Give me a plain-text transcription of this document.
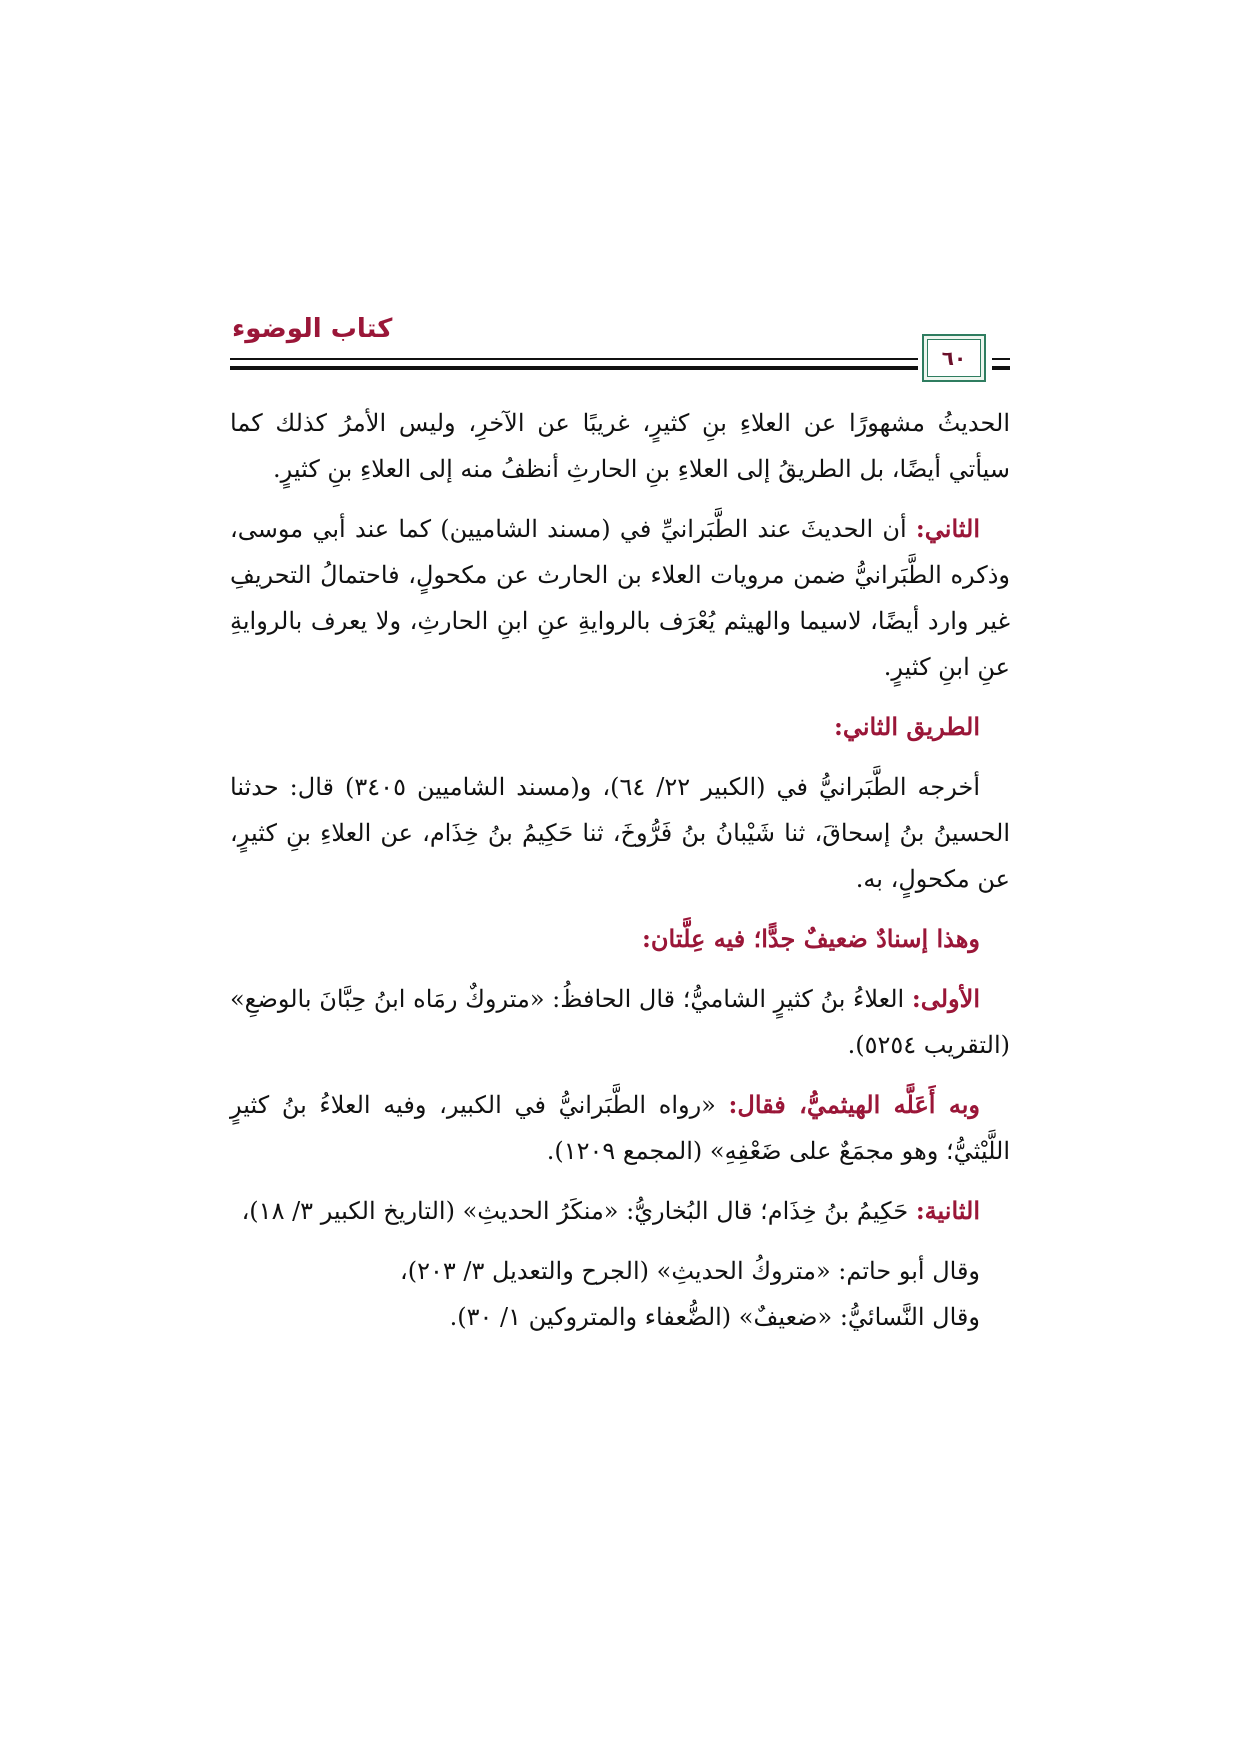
كتاب الوضوء
٦٠

الحديثُ مشهورًا عن العلاءِ بنِ كثيرٍ، غريبًا عن الآخرِ، وليس الأمرُ كذلك كما سيأتي أيضًا، بل الطريقُ إلى العلاءِ بنِ الحارثِ أنظفُ منه إلى العلاءِ بنِ كثيرٍ.

الثاني: أن الحديثَ عند الطَّبَرانيِّ في (مسند الشاميين) كما عند أبي موسى، وذكره الطَّبَرانيُّ ضمن مرويات العلاء بن الحارث عن مكحولٍ، فاحتمالُ التحريفِ غير وارد أيضًا، لاسيما والهيثم يُعْرَف بالروايةِ عنِ ابنِ الحارثِ، ولا يعرف بالروايةِ عنِ ابنِ كثيرٍ.

الطريق الثاني:

أخرجه الطَّبَرانيُّ في (الكبير ٢٢/ ٦٤)، و(مسند الشاميين ٣٤٠٥) قال: حدثنا الحسينُ بنُ إسحاقَ، ثنا شَيْبانُ بنُ فَرُّوخَ، ثنا حَكِيمُ بنُ خِذَام، عن العلاءِ بنِ كثيرٍ، عن مكحولٍ، به.

وهذا إسنادٌ ضعيفٌ جدًّا؛ فيه عِلَّتان:

الأولى: العلاءُ بنُ كثيرٍ الشاميُّ؛ قال الحافظُ: «متروكٌ رمَاه ابنُ حِبَّانَ بالوضعِ» (التقريب ٥٢٥٤).

وبه أَعَلَّه الهيثميُّ، فقال: «رواه الطَّبَرانيُّ في الكبير، وفيه العلاءُ بنُ كثيرٍ اللَّيْثيُّ؛ وهو مجمَعٌ على ضَعْفِهِ» (المجمع ١٢٠٩).

الثانية: حَكِيمُ بنُ خِذَام؛ قال البُخاريُّ: «منكَرُ الحديثِ» (التاريخ الكبير ٣/ ١٨)،

وقال أبو حاتم: «متروكُ الحديثِ» (الجرح والتعديل ٣/ ٢٠٣)،

وقال النَّسائيُّ: «ضعيفٌ» (الضُّعفاء والمتروكين ١/ ٣٠).
